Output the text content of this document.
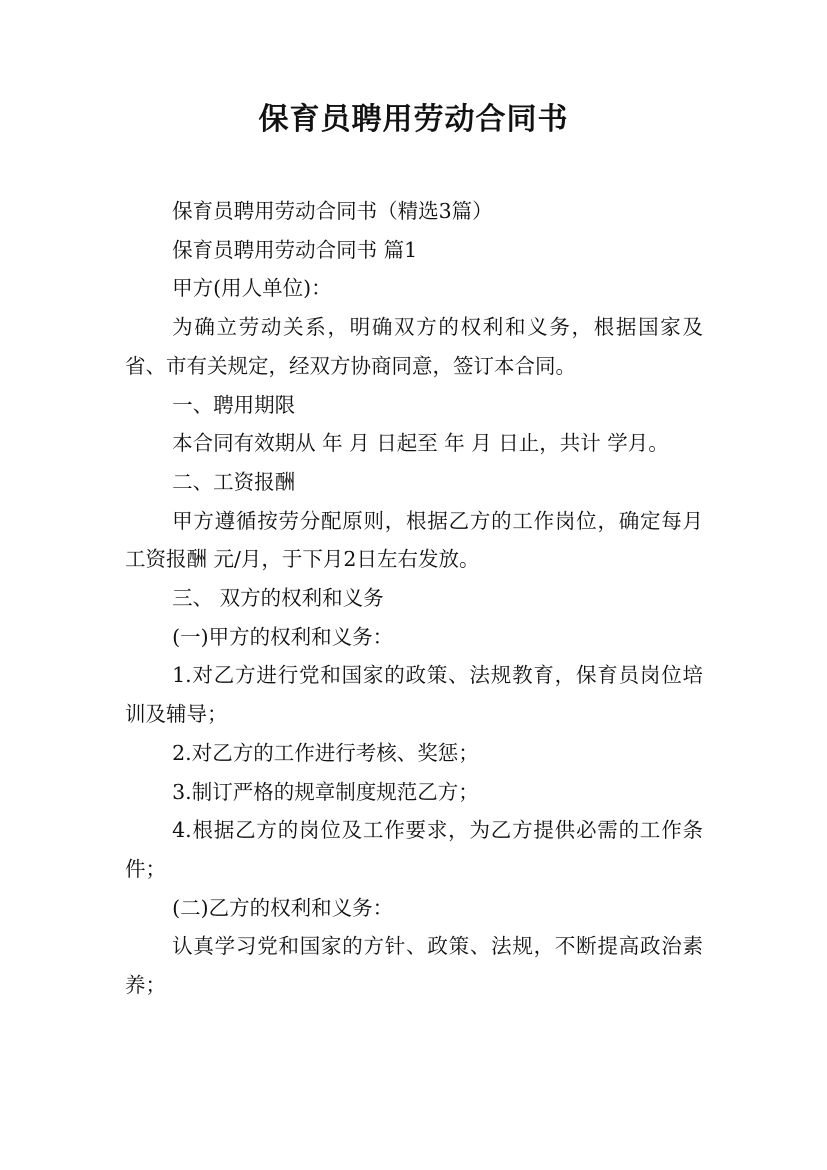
保育员聘用劳动合同书

保育员聘用劳动合同书（精选3篇）

保育员聘用劳动合同书 篇1

甲方(用人单位)：

为确立劳动关系，明确双方的权利和义务，根据国家及省、市有关规定，经双方协商同意，签订本合同。

一、聘用期限

本合同有效期从 年 月 日起至 年 月 日止，共计 学月。

二、工资报酬

甲方遵循按劳分配原则，根据乙方的工作岗位，确定每月工资报酬 元/月，于下月2日左右发放。

三、 双方的权利和义务

(一)甲方的权利和义务：

1.对乙方进行党和国家的政策、法规教育，保育员岗位培训及辅导；

2.对乙方的工作进行考核、奖惩；

3.制订严格的规章制度规范乙方；

4.根据乙方的岗位及工作要求，为乙方提供必需的工作条件；

(二)乙方的权利和义务：

认真学习党和国家的方针、政策、法规，不断提高政治素养；
